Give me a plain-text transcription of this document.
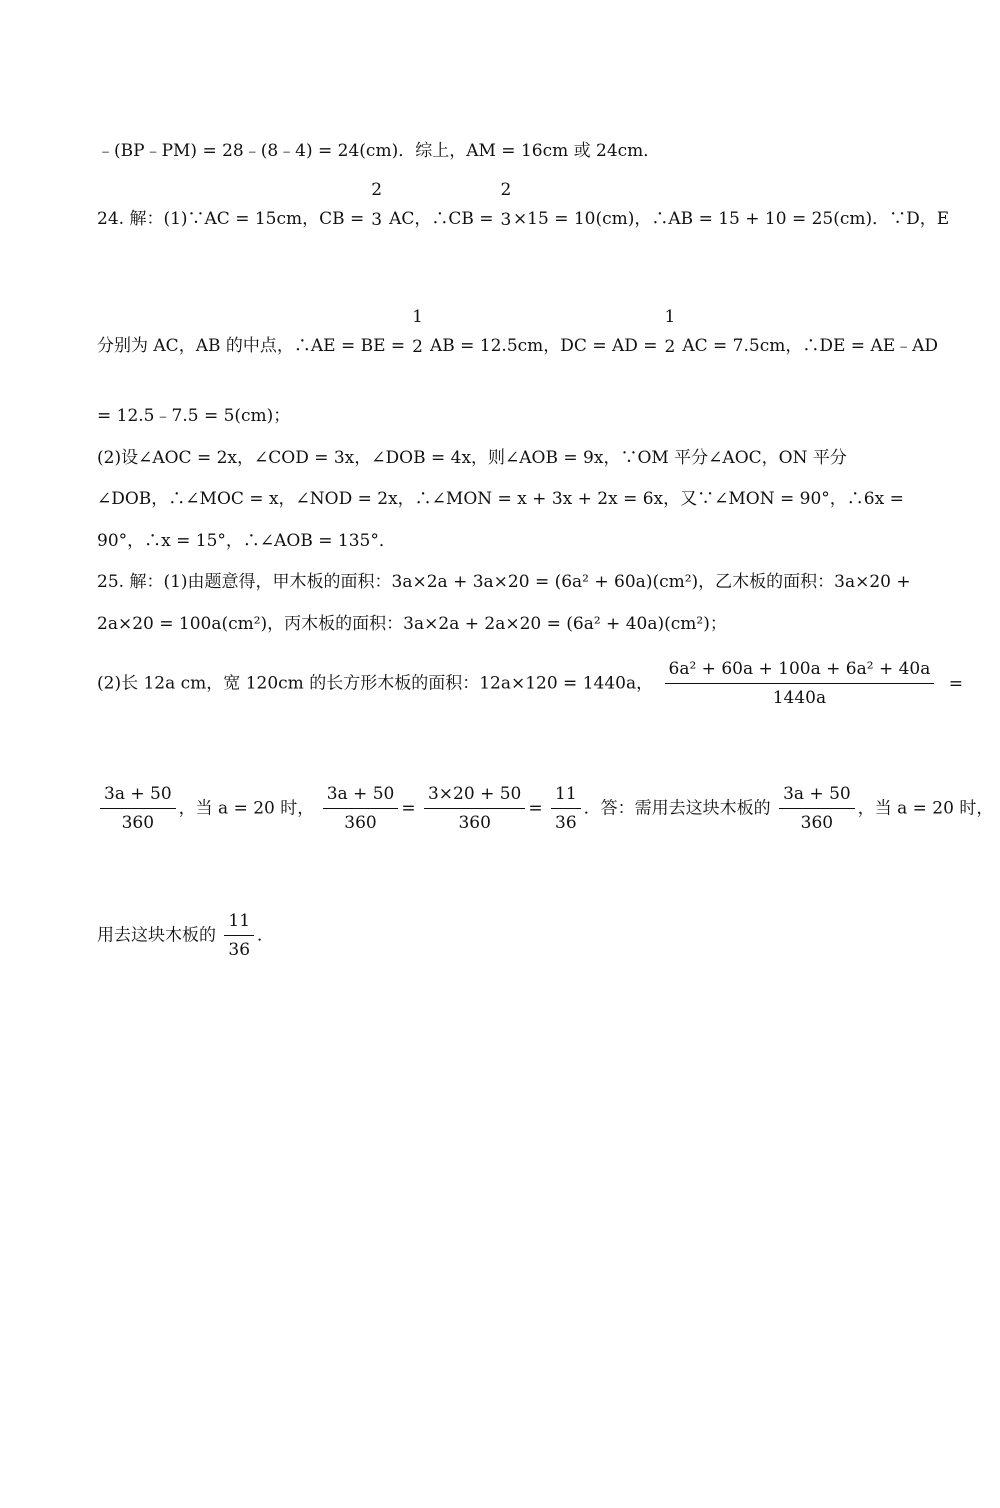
﹣(BP﹣PM) = 28﹣(8﹣4) = 24(cm)．综上，AM = 16cm 或 24cm．
24. 解：(1)∵AC = 15cm，CB =
2
3 AC，∴CB =
2
3 ×15 = 10(cm)，∴AB = 15 + 10 = 25(cm)．∵D，E
分别为 AC，AB 的中点，∴AE = BE =
1
2 AB = 12.5cm，DC = AD =
1
2 AC = 7.5cm，∴DE = AE﹣AD
= 12.5﹣7.5 = 5(cm)；
(2)设∠AOC = 2x，∠COD = 3x，∠DOB = 4x，则∠AOB = 9x，∵OM 平分∠AOC，ON 平分
∠DOB，∴∠MOC = x，∠NOD = 2x，∴∠MON = x + 3x + 2x = 6x，又∵∠MON = 90°，∴6x =
90°，∴x = 15°，∴∠AOB = 135°．
25. 解：(1)由题意得，甲木板的面积：3a×2a + 3a×20 = (6a² + 60a)(cm²)，乙木板的面积：3a×20 +
2a×20 = 100a(cm²)，丙木板的面积：3a×2a + 2a×20 = (6a² + 40a)(cm²)；
(2)长 12a cm，宽 120cm 的长方形木板的面积：12a×120 = 1440a， $\frac{\text{6a² + 60a + 100a + 6a² + 40a}}{1440a}$ =
$\frac{3a + 50}{360}$ ，当 a = 20 时， $\frac{3a + 50}{360} = \frac{3\times 20 + 50}{360} = \frac{11}{36}$ ．答：需用去这块木板的 $\frac{3a + 50}{360}$ ，当 a = 20 时，
用去这块木板的 $\frac{11}{36}$ ．
